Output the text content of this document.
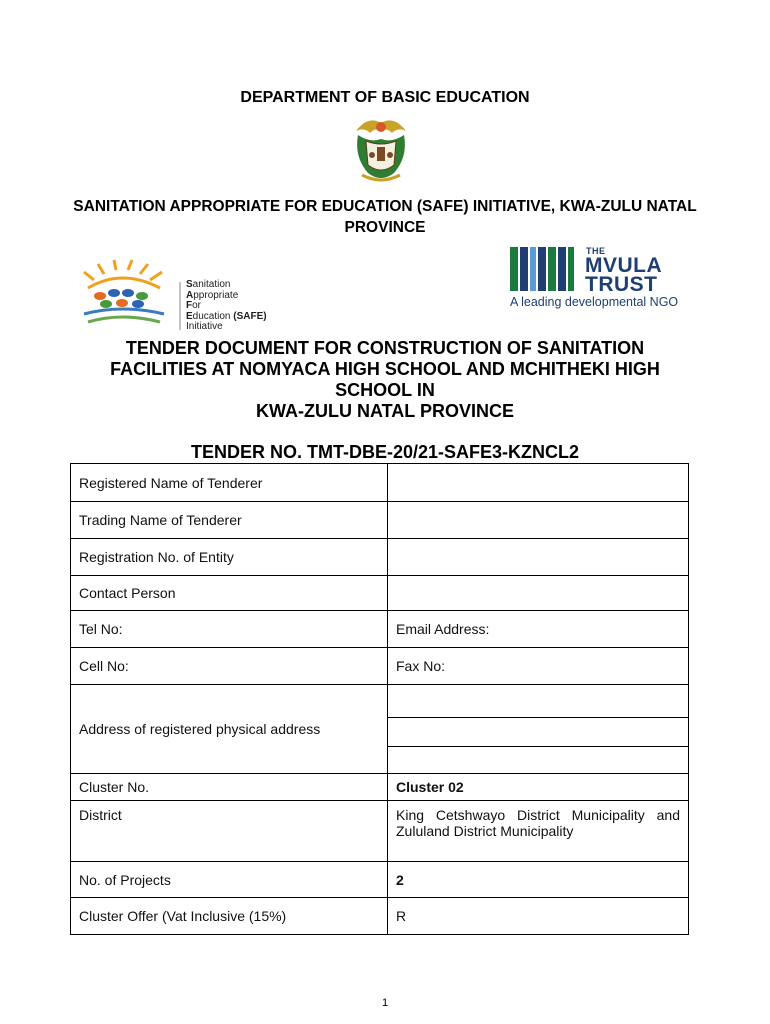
DEPARTMENT OF BASIC EDUCATION
SANITATION APPROPRIATE FOR EDUCATION (SAFE) INITIATIVE, KWA-ZULU NATAL PROVINCE
Sanitation
Appropriate
For
Education (SAFE)
Initiative
THE
MVULA
TRUST
A leading developmental NGO
TENDER DOCUMENT FOR CONSTRUCTION OF SANITATION
FACILITIES AT NOMYACA HIGH SCHOOL AND MCHITHEKI HIGH
SCHOOL IN
KWA-ZULU NATAL PROVINCE
TENDER NO. TMT-DBE-20/21-SAFE3-KZNCL2
Registered Name of Tenderer	
Trading Name of Tenderer	
Registration No. of Entity	
Contact Person	
Tel No:	Email Address:
Cell No:	Fax No:
Address of registered physical address	

Cluster No.	Cluster 02
District	King Cetshwayo District Municipality and Zululand District Municipality
No. of Projects	2
Cluster Offer (Vat Inclusive (15%)	R
1
